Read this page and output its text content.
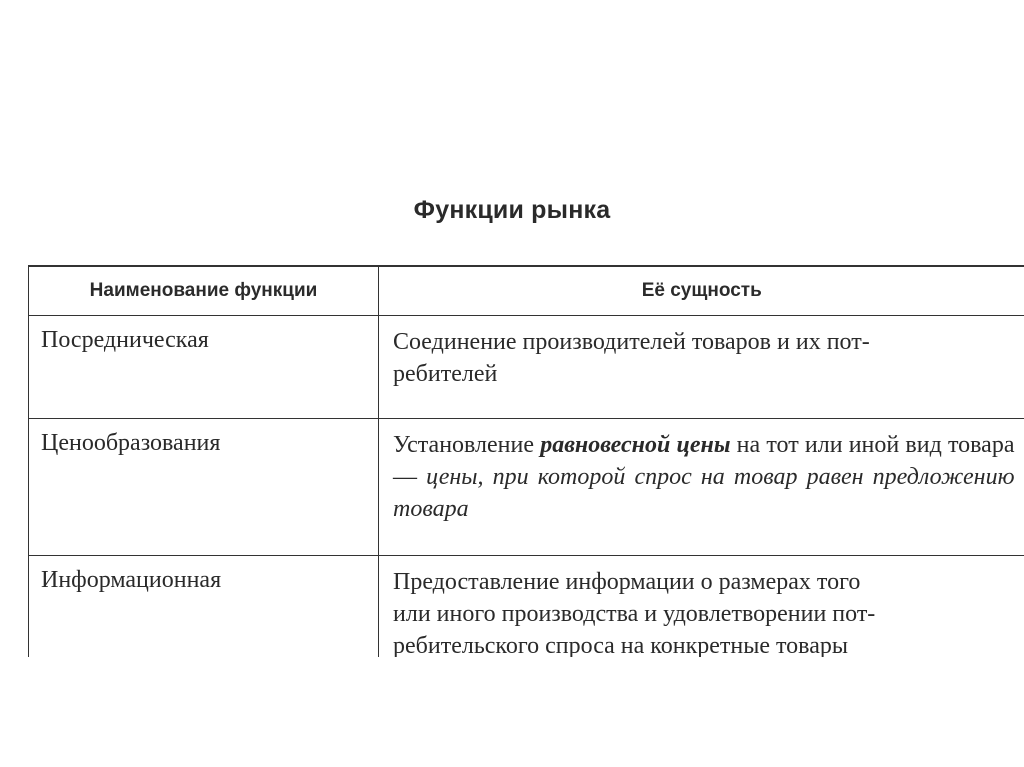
Функции рынка
Наименование функции	Её сущность
Посредническая	Соединение производителей товаров и их пот-
ребителей
Ценообразования	Установление равновесной цены на тот или иной вид товара — цены, при которой спрос на товар равен предложению товара
Информационная	Предоставление информации о размерах того
или иного производства и удовлетворении пот-
ребительского спроса на конкретные товары
